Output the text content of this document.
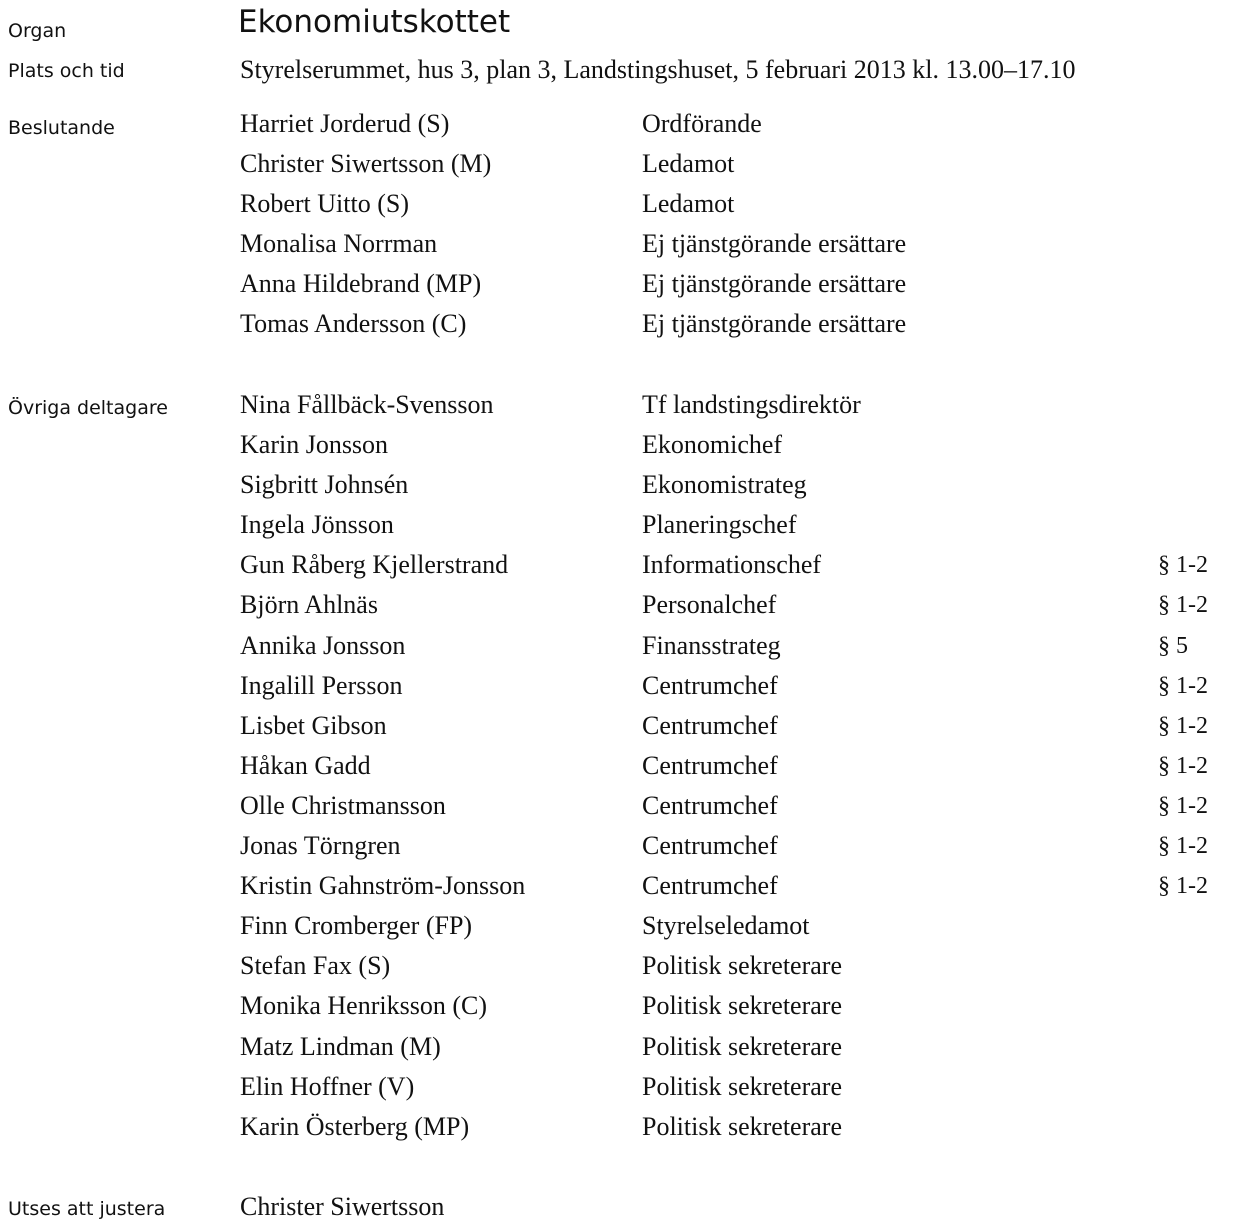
Organ	Ekonomiutskottet
Plats och tid	Styrelserummet, hus 3, plan 3, Landstingshuset, 5 februari 2013 kl. 13.00–17.10
Beslutande	Harriet Jorderud (S)	Ordförande
Christer Siwertsson (M)	Ledamot
Robert Uitto (S)	Ledamot
Monalisa Norrman	Ej tjänstgörande ersättare
Anna Hildebrand (MP)	Ej tjänstgörande ersättare
Tomas Andersson (C)	Ej tjänstgörande ersättare
Övriga deltagare	Nina Fållbäck-Svensson	Tf landstingsdirektör
Karin Jonsson	Ekonomichef
Sigbritt Johnsén	Ekonomistrateg
Ingela Jönsson	Planeringschef
Gun Råberg Kjellerstrand	Informationschef	§ 1-2
Björn Ahlnäs	Personalchef	§ 1-2
Annika Jonsson	Finansstrateg	§ 5
Ingalill Persson	Centrumchef	§ 1-2
Lisbet Gibson	Centrumchef	§ 1-2
Håkan Gadd	Centrumchef	§ 1-2
Olle Christmansson	Centrumchef	§ 1-2
Jonas Törngren	Centrumchef	§ 1-2
Kristin Gahnström-Jonsson	Centrumchef	§ 1-2
Finn Cromberger (FP)	Styrelseledamot
Stefan Fax (S)	Politisk sekreterare
Monika Henriksson (C)	Politisk sekreterare
Matz Lindman (M)	Politisk sekreterare
Elin Hoffner (V)	Politisk sekreterare
Karin Österberg (MP)	Politisk sekreterare
Utses att justera	Christer Siwertsson
